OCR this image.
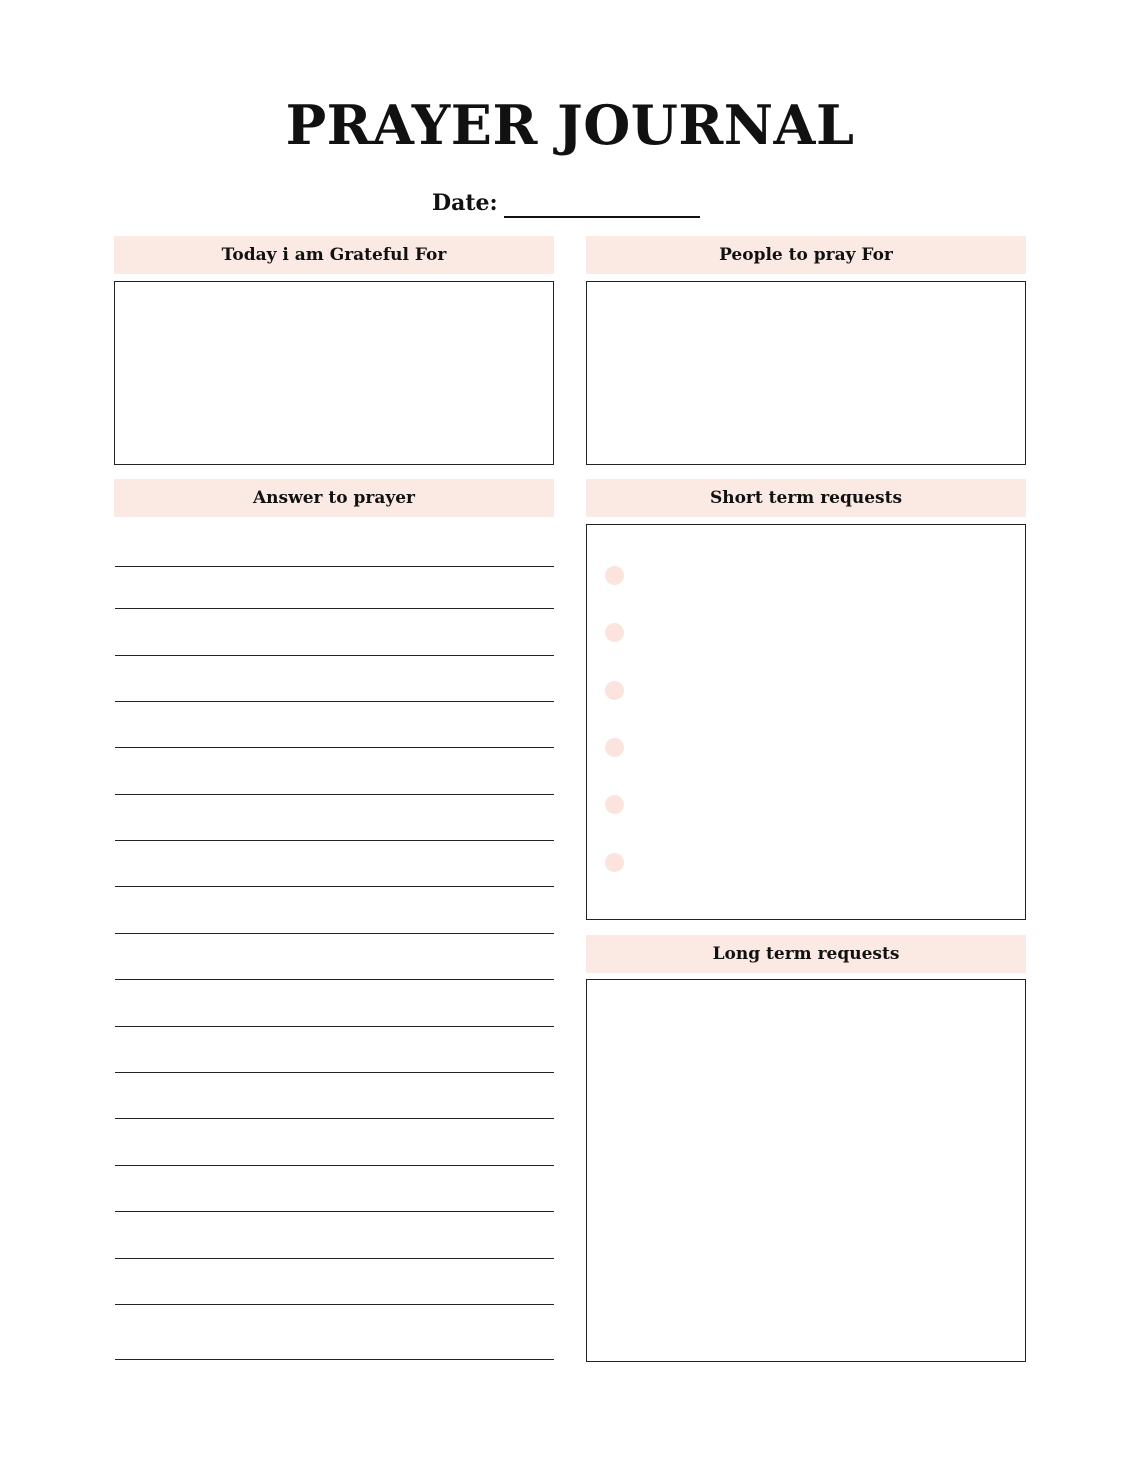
PRAYER JOURNAL
Date:
Today i am Grateful For	People to pray For
Answer to prayer	Short term requests
Long term requests
